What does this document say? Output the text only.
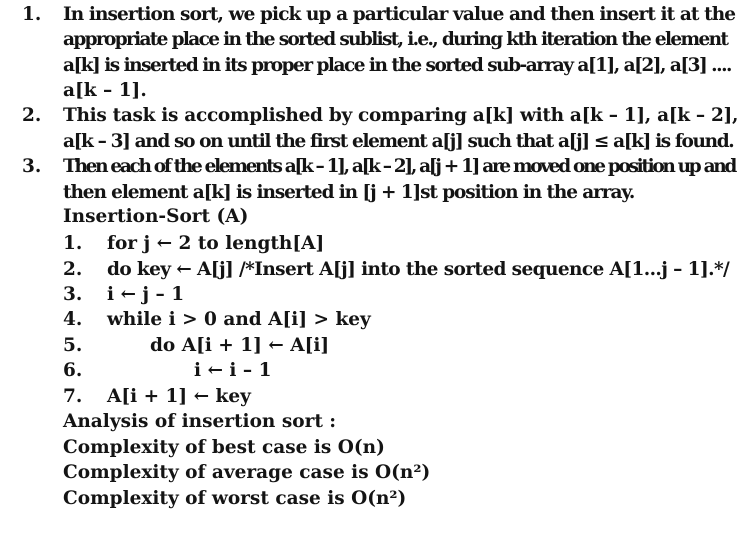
1. In insertion sort, we pick up a particular value and then insert it at the
appropriate place in the sorted sublist, i.e., during kth iteration the element
a[k] is inserted in its proper place in the sorted sub-array a[1], a[2], a[3] ....
a[k – 1].
2. This task is accomplished by comparing a[k] with a[k – 1], a[k – 2],
a[k – 3] and so on until the first element a[j] such that a[j] ≤ a[k] is found.
3. Then each of the elements a[k – 1], a[k – 2], a[j + 1] are moved one position up and
then element a[k] is inserted in [j + 1]st position in the array.
Insertion-Sort (A)
1. for j ← 2 to length[A]
2. do key ← A[j] /*Insert A[j] into the sorted sequence A[1...j – 1].*/
3. i ← j – 1
4. while i > 0 and A[i] > key
5.	do A[i + 1] ← A[i]
6.	i ← i – 1
7. A[i + 1] ← key
Analysis of insertion sort :
Complexity of best case is O(n)
Complexity of average case is O(n²)
Complexity of worst case is O(n²)
